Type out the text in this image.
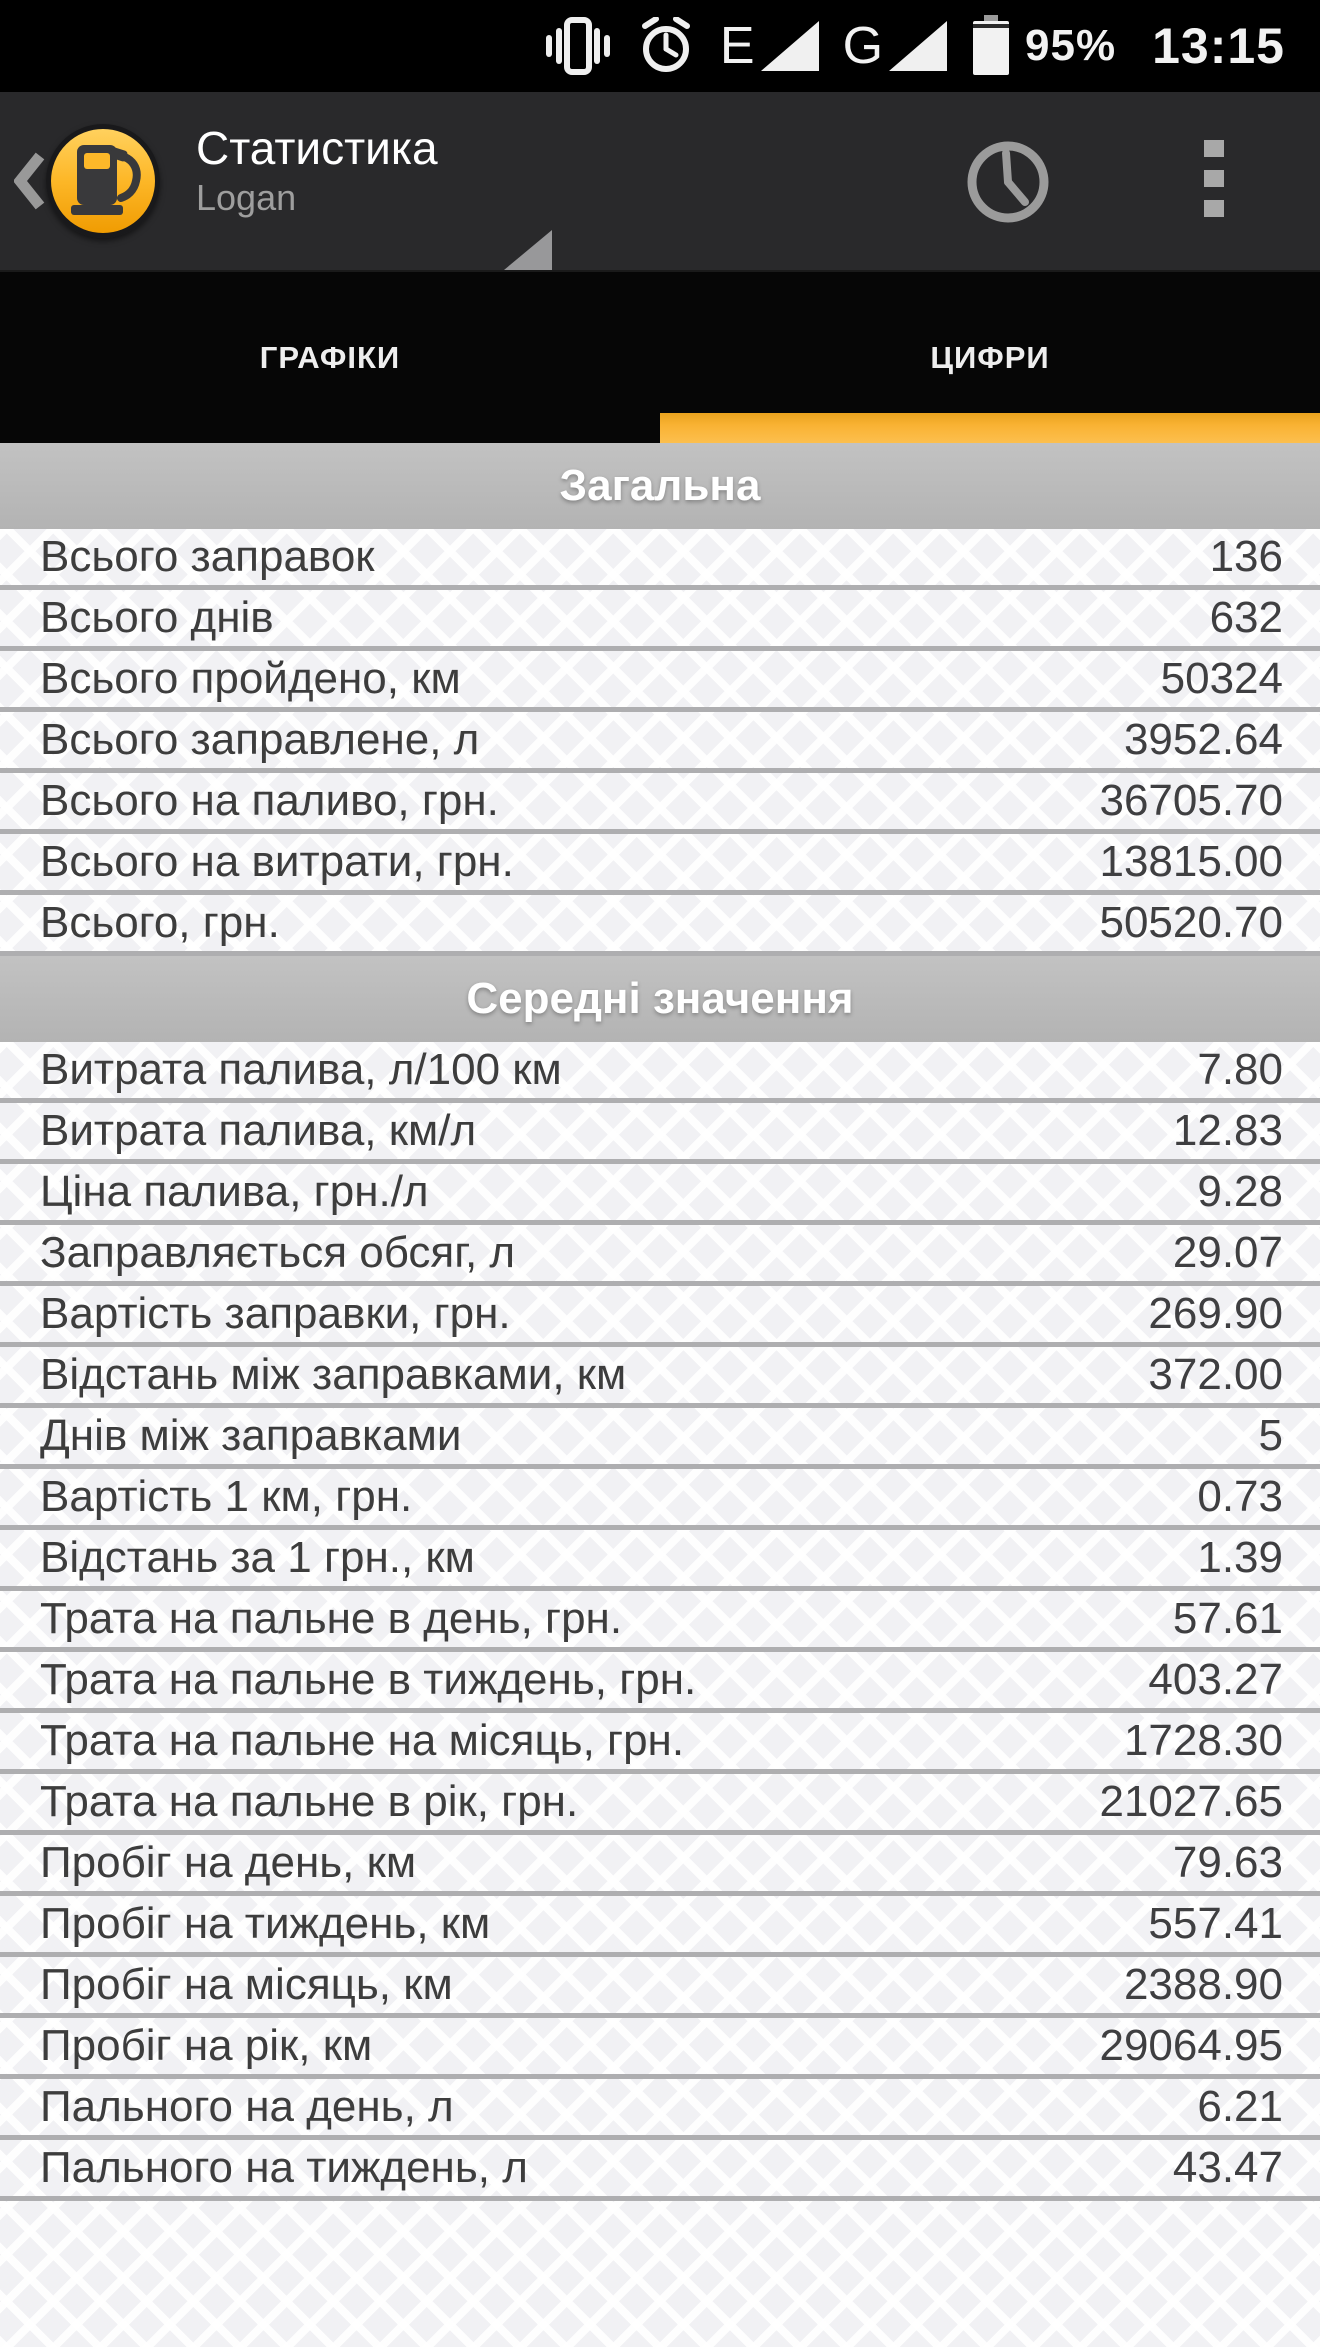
E G	95% 13:15
Статистика
Logan
ГРАФІКИ	ЦИФРИ
Загальна
Всього заправок	136
Всього днів	632
Всього пройдено, км	50324
Всього заправлене, л	3952.64
Всього на паливо, грн.	36705.70
Всього на витрати, грн.	13815.00
Всього, грн.	50520.70
Середні значення
Витрата палива, л/100 км	7.80
Витрата палива, км/л	12.83
Ціна палива, грн./л	9.28
Заправляється обсяг, л	29.07
Вартість заправки, грн.	269.90
Відстань між заправками, км	372.00
Днів між заправками	5
Вартість 1 км, грн.	0.73
Відстань за 1 грн., км	1.39
Трата на пальне в день, грн.	57.61
Трата на пальне в тиждень, грн.	403.27
Трата на пальне на місяць, грн.	1728.30
Трата на пальне в рік, грн.	21027.65
Пробіг на день, км	79.63
Пробіг на тиждень, км	557.41
Пробіг на місяць, км	2388.90
Пробіг на рік, км	29064.95
Пального на день, л	6.21
Пального на тиждень, л	43.47
